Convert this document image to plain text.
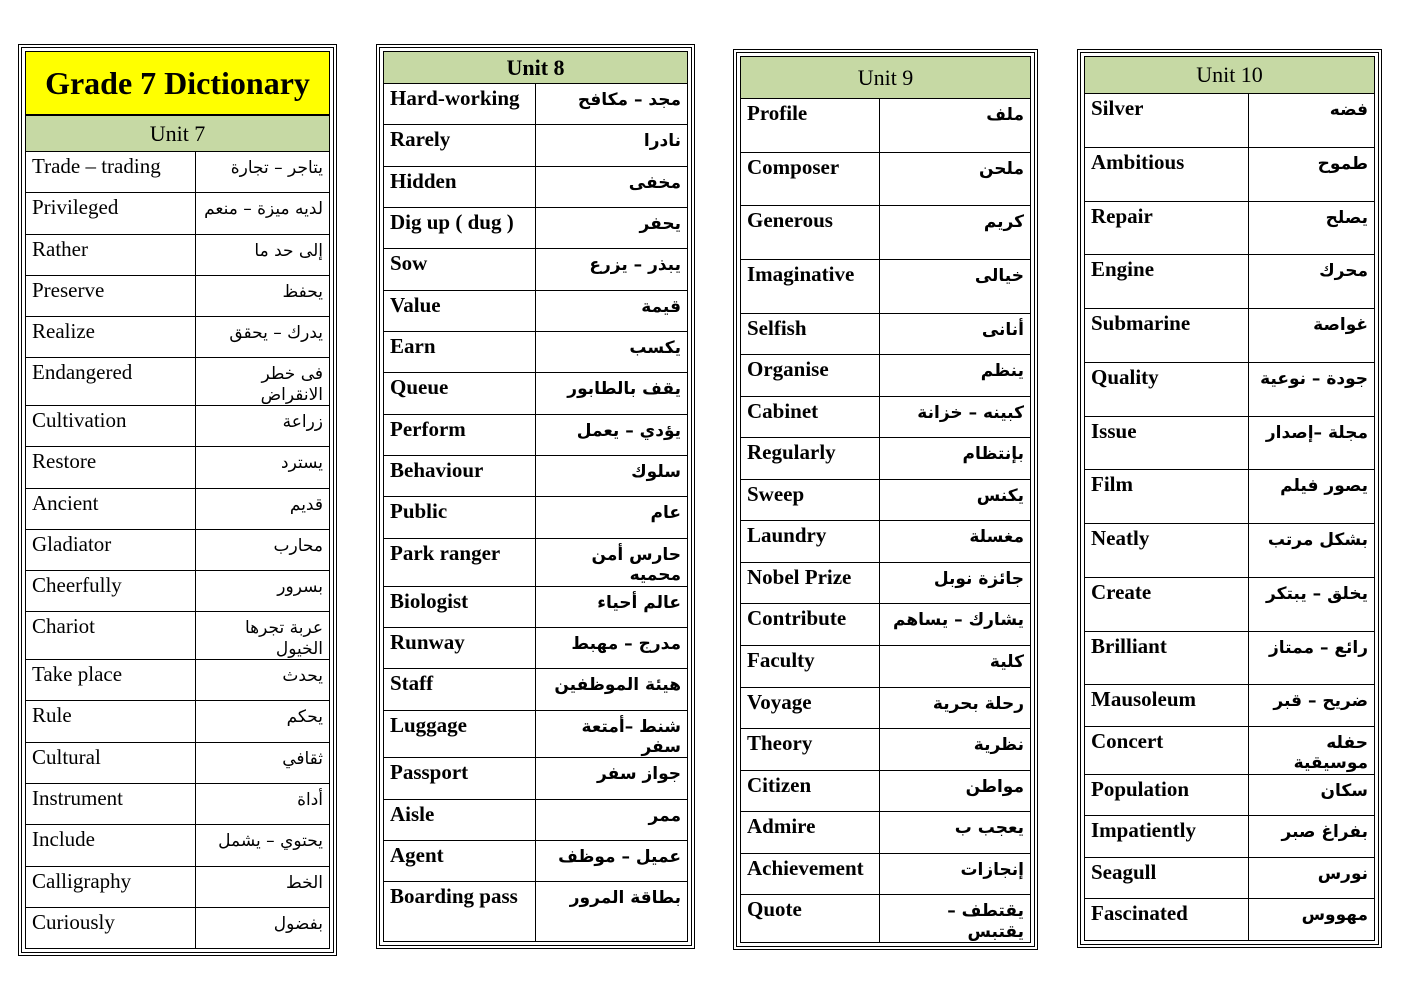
Grade 7 Dictionary
Unit 7
Trade – trading	يتاجر – تجارة
Privileged	لديه ميزة – منعم
Rather	إلى حد ما
Preserve	يحفظ
Realize	يدرك – يحقق
Endangered	فى خطر الانقراض
Cultivation	زراعة
Restore	يسترد
Ancient	قديم
Gladiator	محارب
Cheerfully	بسرور
Chariot	عربة تجرها الخيول
Take place	يحدث
Rule	يحكم
Cultural	ثقافي
Instrument	أداة
Include	يحتوي – يشمل
Calligraphy	الخط
Curiously	بفضول
Unit 8
Hard-working	مجد – مكافح
Rarely	نادرا
Hidden	مخفى
Dig up ( dug )	يحفر
Sow	يبذر – يزرع
Value	قيمة
Earn	يكسب
Queue	يقف بالطابور
Perform	يؤدي – يعمل
Behaviour	سلوك
Public	عام
Park ranger	حارس أمن محميه
Biologist	عالم أحياء
Runway	مدرج – مهبط
Staff	هيئة الموظفين
Luggage	شنط –أمتعة سفر
Passport	جواز سفر
Aisle	ممر
Agent	عميل – موظف
Boarding pass	بطاقة المرور
Unit 9
Profile	ملف
Composer	ملحن
Generous	كريم
Imaginative	خيالى
Selfish	أنانى
Organise	ينظم
Cabinet	كبينه – خزانة
Regularly	بإنتظام
Sweep	يكنس
Laundry	مغسلة
Nobel Prize	جائزة نوبل
Contribute	يشارك – يساهم
Faculty	كلية
Voyage	رحلة بحرية
Theory	نظرية
Citizen	مواطن
Admire	يعجب ب
Achievement	إنجازات
Quote	يقتطف – يقتبس
Unit 10
Silver	فضه
Ambitious	طموح
Repair	يصلح
Engine	محرك
Submarine	غواصة
Quality	جودة – نوعية
Issue	مجلة –إصدار
Film	يصور فيلم
Neatly	بشكل مرتب
Create	يخلق – يبتكر
Brilliant	رائع – ممتاز
Mausoleum	ضريح – قبر
Concert	حفله موسيقية
Population	سكان
Impatiently	بفراغ صبر
Seagull	نورس
Fascinated	مهووس
